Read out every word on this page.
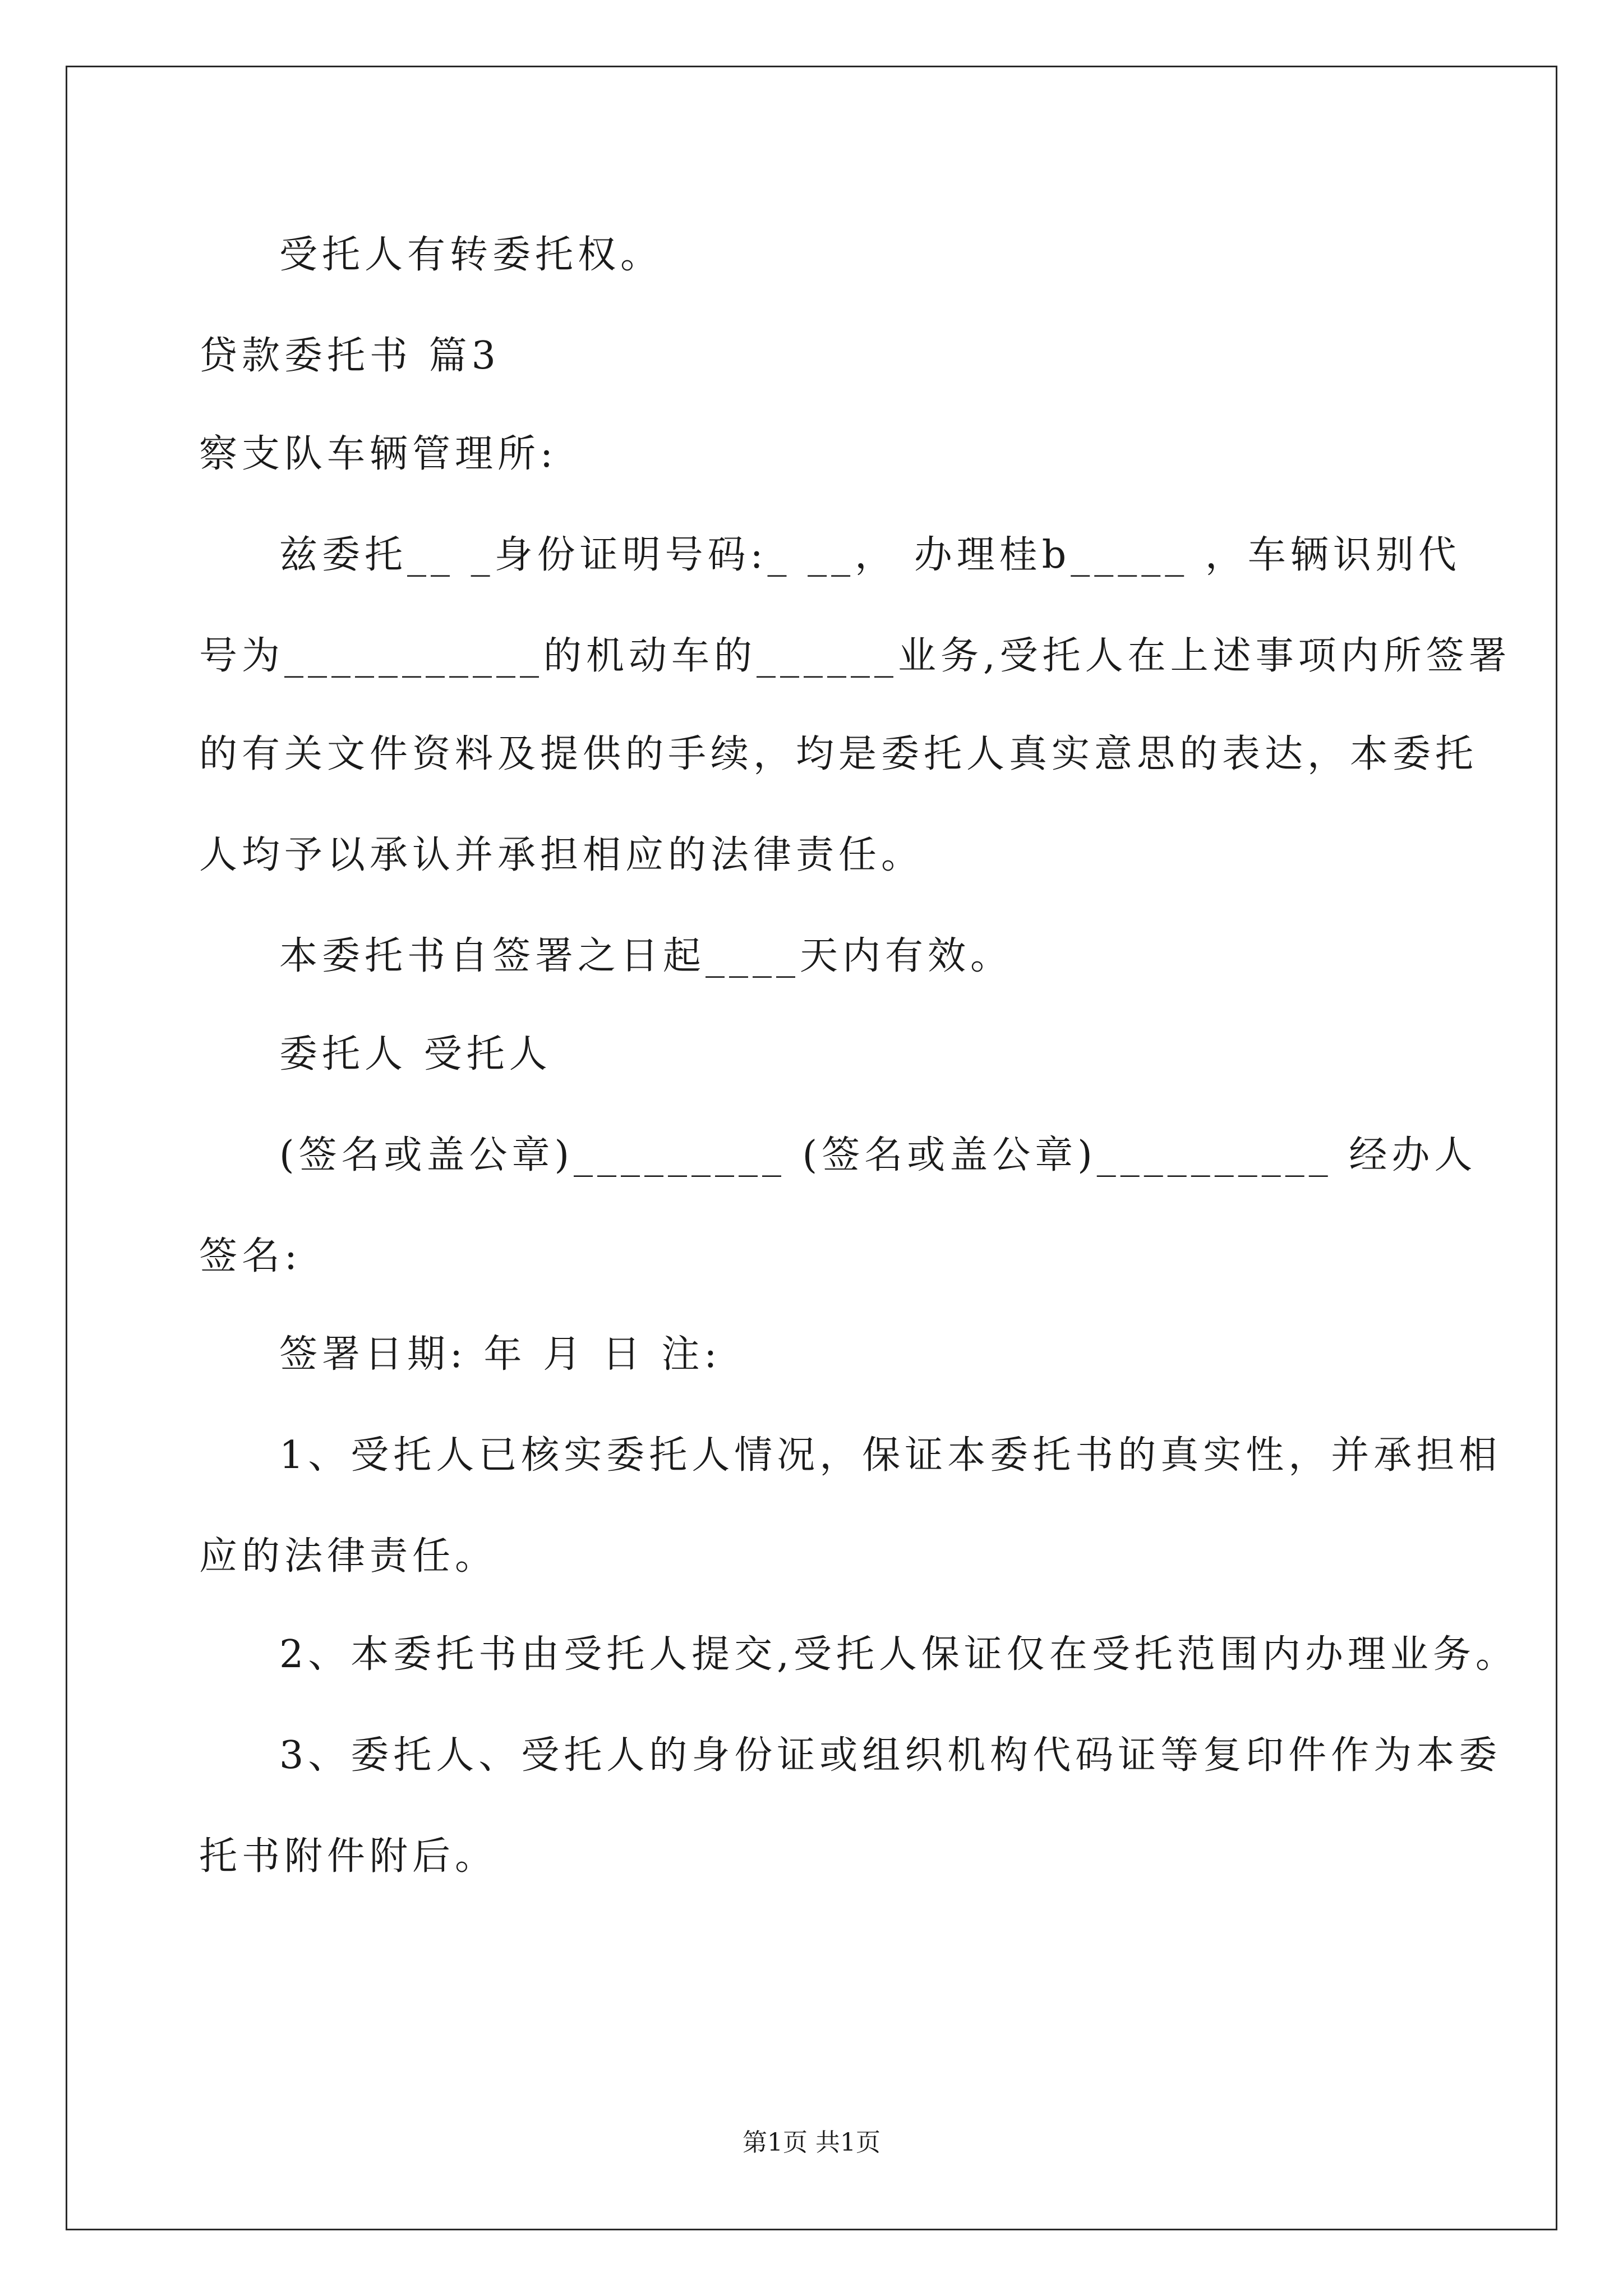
受托人有转委托权。
贷款委托书 篇3
察支队车辆管理所:
兹委托__ _身份证明号码:_ __， 办理桂b_____ ，车辆识别代
号为___________的机动车的______业务,受托人在上述事项内所签署
的有关文件资料及提供的手续，均是委托人真实意思的表达，本委托
人均予以承认并承担相应的法律责任。
本委托书自签署之日起____天内有效。
委托人 受托人
(签名或盖公章)_________ (签名或盖公章)__________ 经办人
签名:
签署日期: 年 月 日 注:
1、受托人已核实委托人情况，保证本委托书的真实性，并承担相
应的法律责任。
2、本委托书由受托人提交,受托人保证仅在受托范围内办理业务。
3、委托人、受托人的身份证或组织机构代码证等复印件作为本委
托书附件附后。
第1页 共1页
